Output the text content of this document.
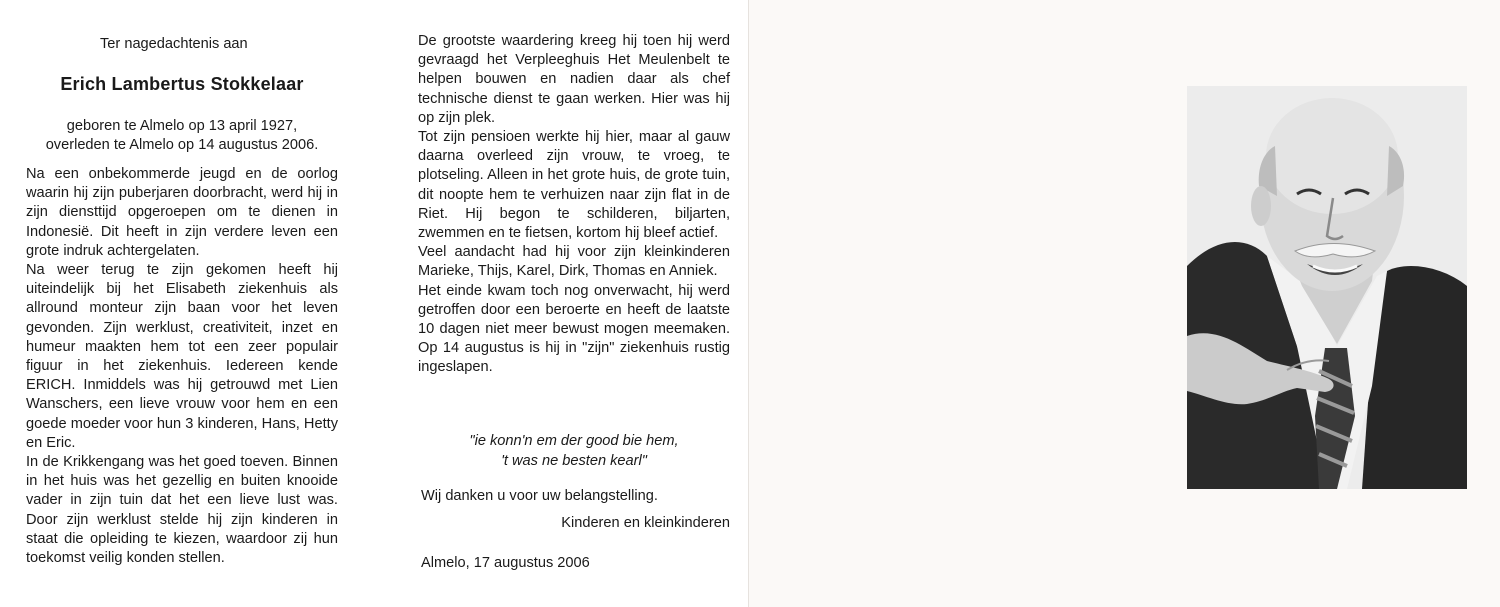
Ter nagedachtenis aan
Erich Lambertus Stokkelaar
geboren te Almelo op 13 april 1927,
overleden te Almelo op 14 augustus 2006.

Na een onbekommerde jeugd en de oorlog waarin hij zijn puberjaren doorbracht, werd hij in zijn diensttijd opgeroepen om te dienen in Indonesië. Dit heeft in zijn verdere leven een grote indruk achtergelaten.

Na weer terug te zijn gekomen heeft hij uiteindelijk bij het Elisabeth ziekenhuis als allround monteur zijn baan voor het leven gevonden. Zijn werklust, creativiteit, inzet en humeur maakten hem tot een zeer populair figuur in het ziekenhuis. Iedereen kende ERICH. Inmiddels was hij getrouwd met Lien Wanschers, een lieve vrouw voor hem en een goede moeder voor hun 3 kinderen, Hans, Hetty en Eric.

In de Krikkengang was het goed toeven. Binnen in het huis was het gezellig en buiten knooide vader in zijn tuin dat het een lieve lust was. Door zijn werklust stelde hij zijn kinderen in staat die opleiding te kiezen, waardoor zij hun toekomst veilig konden stellen.

De grootste waardering kreeg hij toen hij werd gevraagd het Verpleeghuis Het Meulenbelt te helpen bouwen en nadien daar als chef technische dienst te gaan werken. Hier was hij op zijn plek.

Tot zijn pensioen werkte hij hier, maar al gauw daarna overleed zijn vrouw, te vroeg, te plotseling. Alleen in het grote huis, de grote tuin, dit noopte hem te verhuizen naar zijn flat in de Riet. Hij begon te schilderen, biljarten, zwemmen en te fietsen, kortom hij bleef actief.

Veel aandacht had hij voor zijn kleinkinderen Marieke, Thijs, Karel, Dirk, Thomas en Anniek.

Het einde kwam toch nog onverwacht, hij werd getroffen door een beroerte en heeft de laatste 10 dagen niet meer bewust mogen meemaken. Op 14 augustus is hij in "zijn" ziekenhuis rustig ingeslapen.

"ie konn'n em der good bie hem,
't was ne besten kearl"
Wij danken u voor uw belangstelling.
Kinderen en kleinkinderen
Almelo, 17 augustus 2006
